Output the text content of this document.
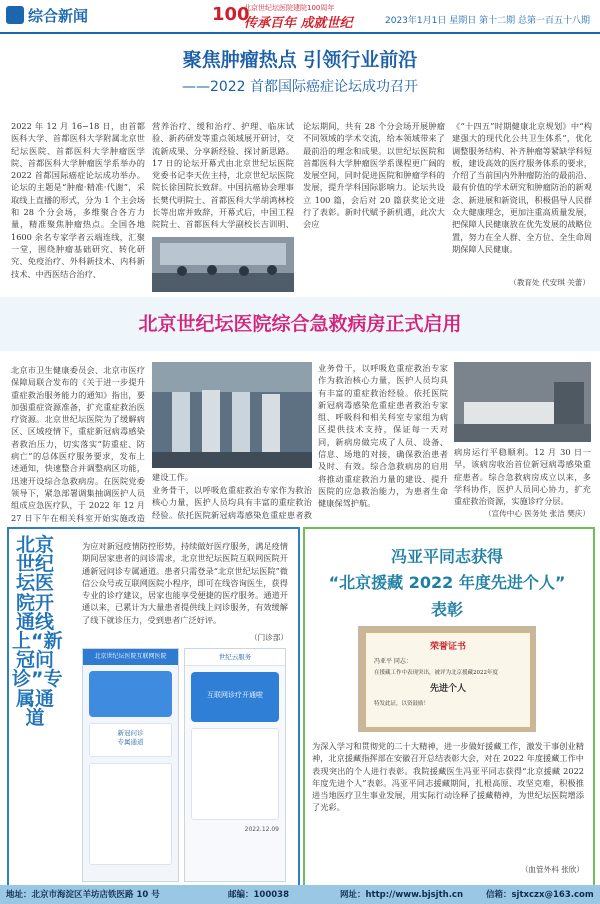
综合新闻	100
北京世纪坛医院建院100周年
传承百年 成就世纪	2023年1月1日 星期日 第十二期 总第一百五十八期
聚焦肿瘤热点 引领行业前沿
——2022 首都国际癌症论坛成功召开
2022 年 12 月 16−18 日，由首都医科大学、首都医科大学附属北京世纪坛医院、首都医科大学肿瘤医学院、首都医科大学肿瘤医学系举办的 2022 首都国际癌症论坛成功举办。论坛的主题是“肿瘤·精准·代谢”，采取线上直播的形式，分为 1 个主会场和 28 个分会场，多维聚合各方力量，精准聚焦肿瘤热点。全国各地 1600 余名专家学者云端连线，汇聚一堂，围绕肿瘤基础研究、转化研究、免疫治疗、外科新技术、内科新技术、中西医结合治疗、
营养治疗、缓和治疗、护理、临床试验、新药研发等重点领域展开研讨，交流新成果、分享新经验、探讨新思路。17 日的论坛开幕式由北京世纪坛医院党委书记李天佐主持，北京世纪坛医院院长徐国院长致辞。中国抗癌协会理事长樊代明院士、首都医科大学胡鸿林校长等出席并致辞，开幕式后，中国工程院院士、首都医科大学副校长吉训明、
论坛期间，共有 28 个分会场开展肿瘤不同领域的学术交流，给本领域带来了最前沿的理念和成果。以世纪坛医院和首都医科大学肿瘤医学系课程更广阔的发展空间，同时促进医院和肿瘤学科的发展，提升学科国际影响力。论坛共设立 100 篇，会后对 20 篇获奖论文进行了表彰。新时代赋予新机遇，此次大会应
《“十四五”时期健康北京规划》中“构建强大的现代化公共卫生体系”，优化调整服务结构、补齐肿瘤等紧缺学科短板，建设高效的医疗服务体系的要求，介绍了当前国内外肿瘤防治的最前沿、最有价值的学术研究和肿瘤防治的新观念、新进展和新资讯，积极倡导人民群众大健康理念，更加注重高质量发展，把保障人民健康放在优先发展的战略位置，努力在全人群、全方位、全生命周期保障人民健康。
（教育处 代安琪 关蕾）
北京世纪坛医院综合急救病房正式启用
北京市卫生健康委员会、北京市医疗保障局联合发布的《关于进一步提升重症救治服务能力的通知》指出，要加强重症资源准备，扩充重症救治医疗资源。北京世纪坛医院为了缓解病区、区域疫情下，重症新冠病毒感染者救治压力，切实落实“防重症、防病亡”的总体医疗服务要求，发布上述通知，快速整合并调整病区功能，迅速开设综合急救病房。在医院党委领导下，紧急部署调集抽调医护人员组成应急医疗队，于 2022 年 12 月 27 日下午在相关科室开始实施改造
建设工作。
业务骨干，以呼吸危重症救治专家作为救治核心力量，医护人员均具有丰富的重症救治经验。依托医院新冠病毒感染危重症患者救
业务骨干，以呼吸危重症救治专家作为救治核心力量，医护人员均具有丰富的重症救治经验。依托医院新冠病毒感染危重症患者救治专家组、呼吸科和相关科室专家组为病区提供技术支持，保证每一天对同，新病房做完成了人员、设备、信息、场地的对接，确保救治患者及时、有效。综合急救病房的启用将推动重症救治力量的建设、提升医院的应急救治能力，为患者生命健康保驾护航。
病房运行平稳顺利。12 月 30 日一早，该病房收治首位新冠病毒感染重症患者。综合急救病房成立以来，多学科协作，医护人员同心协力，扩充重症救治资源，实施诊疗分层。
（宣传中心 医务处 张洁 樊庆）
北京世纪坛医院开通线上“新冠问诊”专属通道
为应对新冠疫情防控形势，持续做好医疗服务，满足疫情期间居家患者的问诊需求，北京世纪坛医院互联网医院开通新冠问诊专属通道。患者只需登录“北京世纪坛医院”微信公众号或互联网医院小程序，即可在线咨询医生，获得专业的诊疗建议，居家也能享受便捷的医疗服务。通道开通以来，已累计为大量患者提供线上问诊服务，有效缓解了线下就诊压力，受到患者广泛好评。
（门诊部）
北京世纪坛医院互联网医院
新冠问诊
专属通道
世纪云服务
互联网诊疗开通啦
2022.12.09
冯亚平同志获得
“北京援藏 2022 年度先进个人”
表彰
荣誉证书
冯亚平 同志：
在援藏工作中表现突出，被评为北京援藏2022年度
先进个人
特发此证，以资鼓励！
为深入学习和贯彻党的二十大精神，进一步做好援藏工作，激发干事创业精神，北京援藏指挥部在安徽召开总结表彰大会，对在 2022 年度援藏工作中表现突出的个人进行表彰。我院援藏医生冯亚平同志获得“北京援藏 2022 年度先进个人”表彰。冯亚平同志援藏期间，扎根高原、攻坚克难，积极推进当地医疗卫生事业发展，用实际行动诠释了援藏精神，为世纪坛医院增添了光彩。
（血管外科 张欣）
地址：北京市海淀区羊坊店铁医路 10 号	邮编：100038	网址：http://www.bjsjth.cn	信箱：sjtxczx@163.com
